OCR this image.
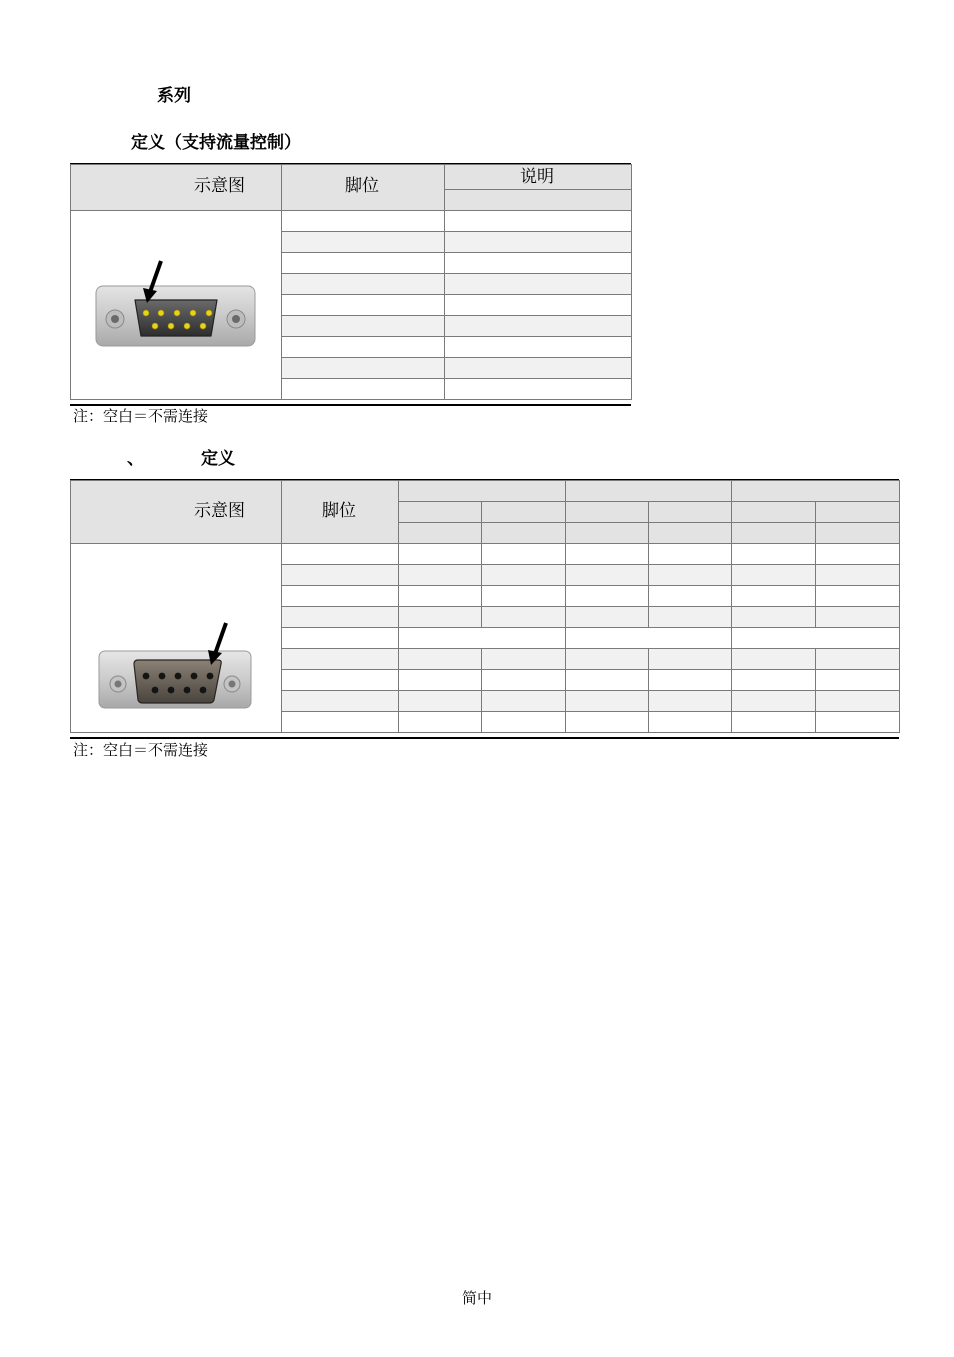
系列
定义（支持流量控制）

示意图	脚位	说明
注：空白＝不需连接
、	定义

示意图	脚位
注：空白＝不需连接
简中
